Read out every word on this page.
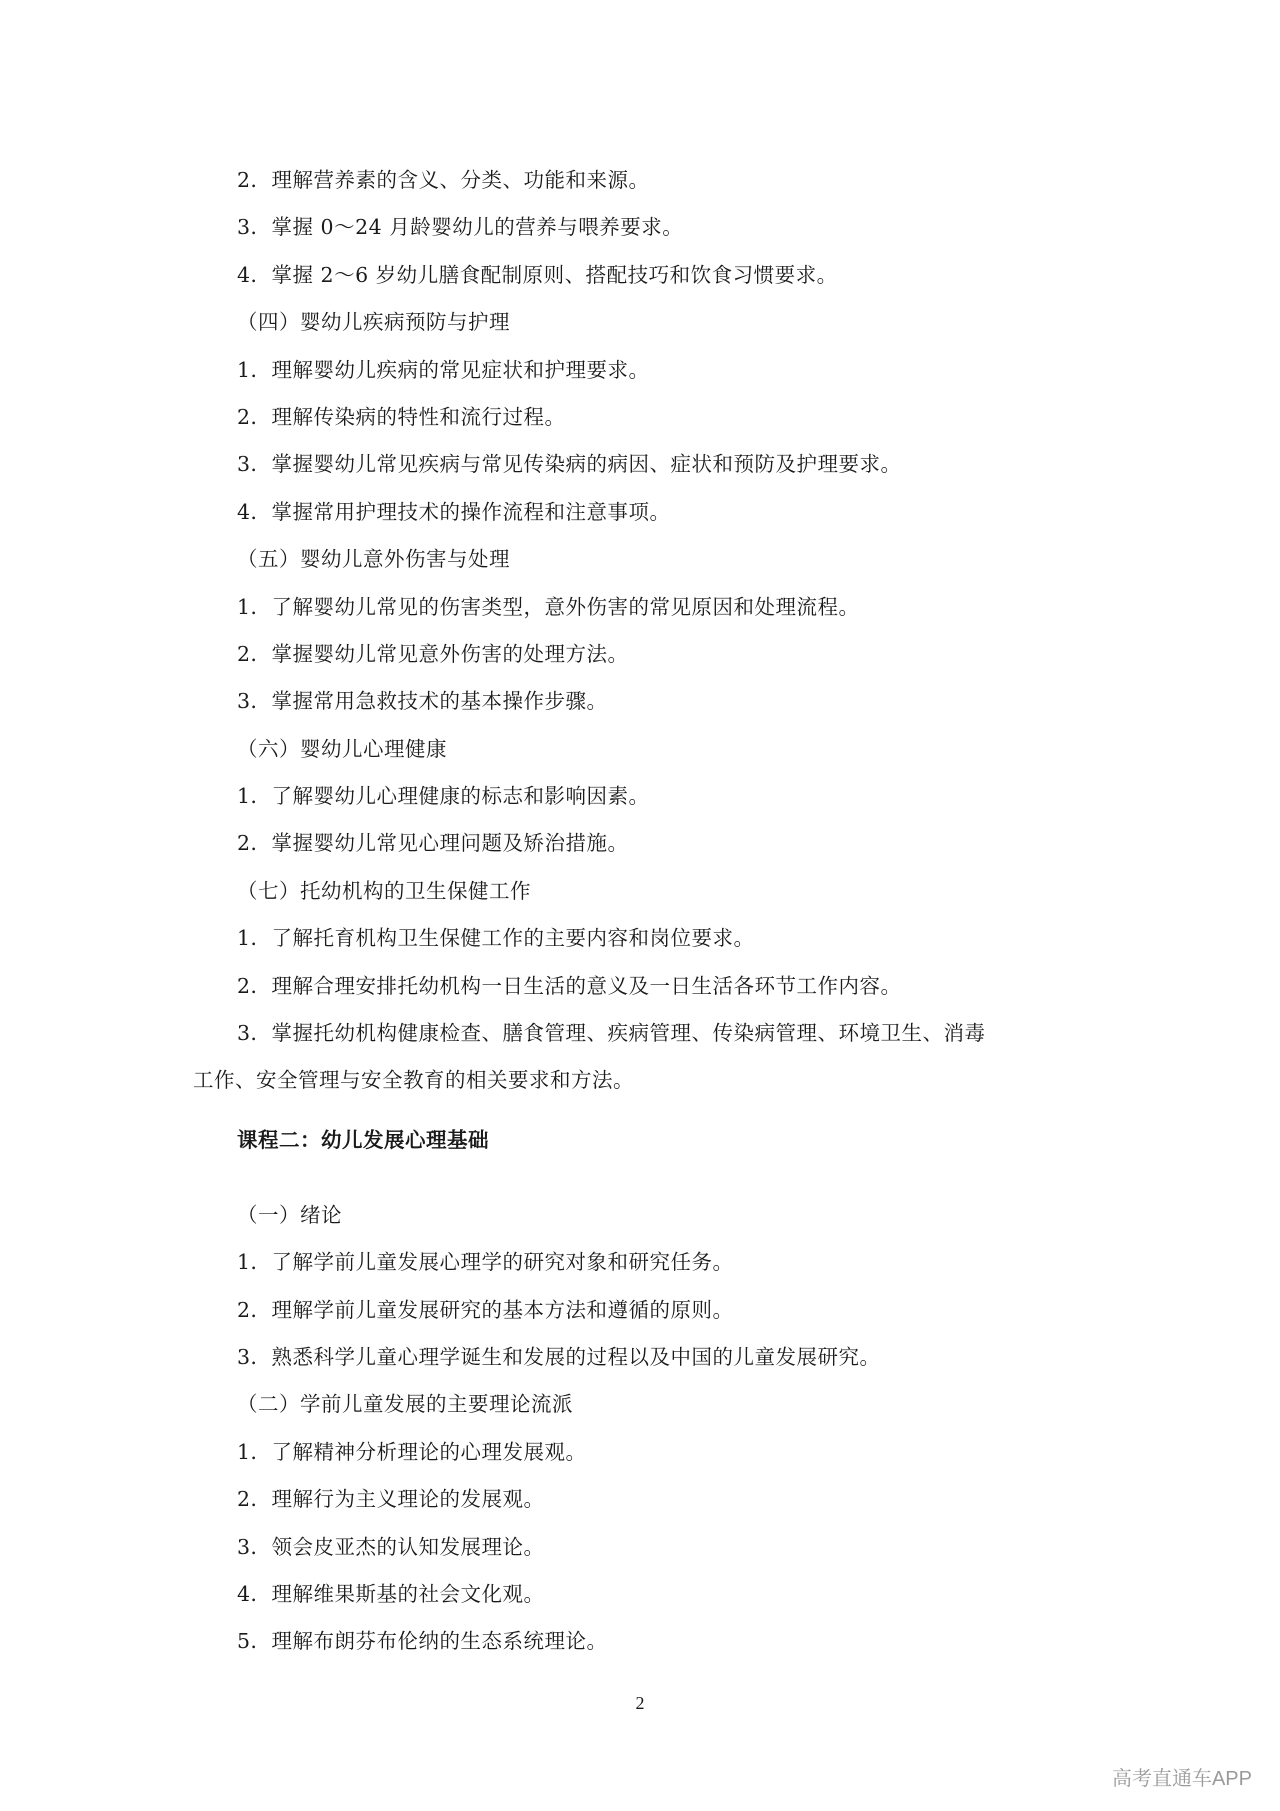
2．理解营养素的含义、分类、功能和来源。
3．掌握 0～24 月龄婴幼儿的营养与喂养要求。
4．掌握 2～6 岁幼儿膳食配制原则、搭配技巧和饮食习惯要求。
（四）婴幼儿疾病预防与护理
1．理解婴幼儿疾病的常见症状和护理要求。
2．理解传染病的特性和流行过程。
3．掌握婴幼儿常见疾病与常见传染病的病因、症状和预防及护理要求。
4．掌握常用护理技术的操作流程和注意事项。
（五）婴幼儿意外伤害与处理
1．了解婴幼儿常见的伤害类型，意外伤害的常见原因和处理流程。
2．掌握婴幼儿常见意外伤害的处理方法。
3．掌握常用急救技术的基本操作步骤。
（六）婴幼儿心理健康
1．了解婴幼儿心理健康的标志和影响因素。
2．掌握婴幼儿常见心理问题及矫治措施。
（七）托幼机构的卫生保健工作
1．了解托育机构卫生保健工作的主要内容和岗位要求。
2．理解合理安排托幼机构一日生活的意义及一日生活各环节工作内容。
3．掌握托幼机构健康检查、膳食管理、疾病管理、传染病管理、环境卫生、消毒
工作、安全管理与安全教育的相关要求和方法。
课程二：幼儿发展心理基础
（一）绪论
1．了解学前儿童发展心理学的研究对象和研究任务。
2．理解学前儿童发展研究的基本方法和遵循的原则。
3．熟悉科学儿童心理学诞生和发展的过程以及中国的儿童发展研究。
（二）学前儿童发展的主要理论流派
1．了解精神分析理论的心理发展观。
2．理解行为主义理论的发展观。
3．领会皮亚杰的认知发展理论。
4．理解维果斯基的社会文化观。
5．理解布朗芬布伦纳的生态系统理论。
2
高考直通车APP
